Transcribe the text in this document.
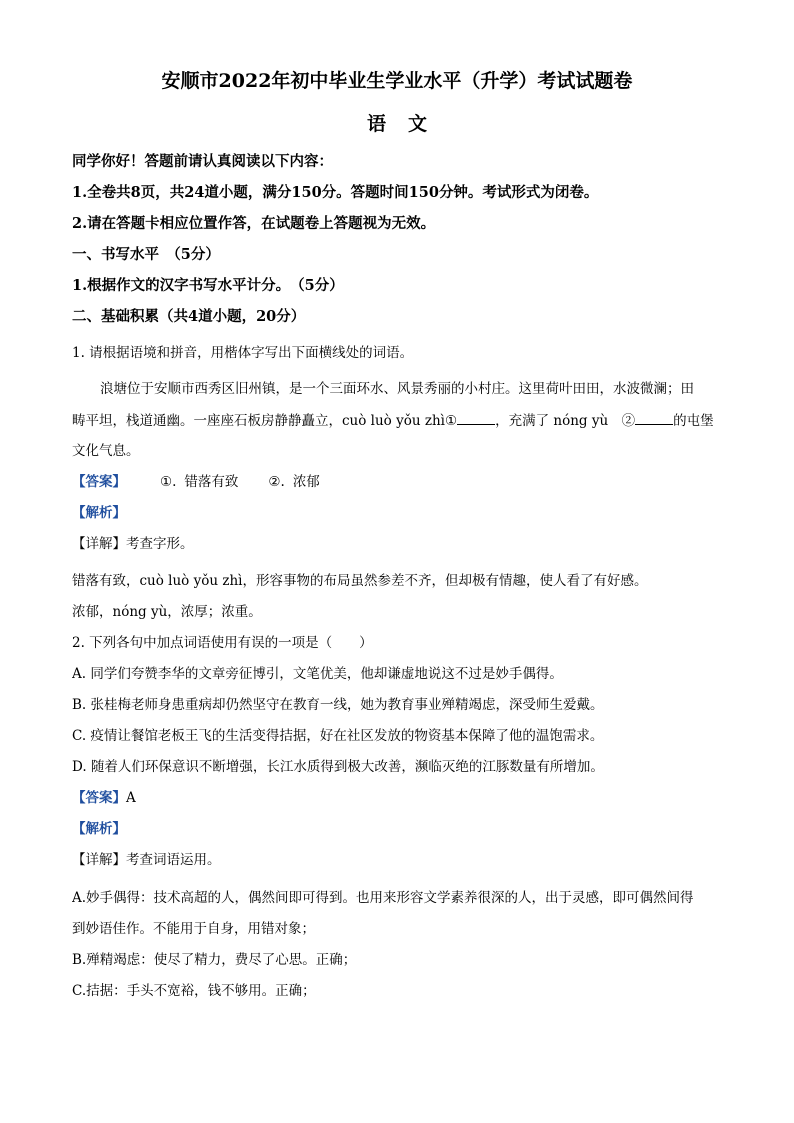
安顺市2022年初中毕业生学业水平（升学）考试试题卷
语 文
同学你好！答题前请认真阅读以下内容：
1.全卷共8页，共24道小题，满分150分。答题时间150分钟。考试形式为闭卷。
2.请在答题卡相应位置作答，在试题卷上答题视为无效。
一、书写水平　（5分）
1.根据作文的汉字书写水平计分。　（5分）
二、基础积累（共4道小题，20分）
1. 请根据语境和拼音，用楷体字写出下面横线处的词语。
浪塘位于安顺市西秀区旧州镇，是一个三面环水、风景秀丽的小村庄。这里荷叶田田，水波微澜；田
畴平坦，栈道通幽。一座座石板房静静矗立，cuò luò yǒu zhì①	，充满了 nóng yù　②	的屯堡
文化气息。
【答案】	①. 错落有致 ②. 浓郁
【解析】
【详解】考查字形。
错落有致，cuò luò yǒu zhì，形容事物的布局虽然参差不齐，但却极有情趣，使人看了有好感。
浓郁，nóng yù，浓厚；浓重。
2. 下列各句中加点词语使用有误的一项是（　　）
A. 同学们夸赞李华的文章旁征博引，文笔优美，他却谦虚地说这不过是妙手偶得。
B. 张桂梅老师身患重病却仍然坚守在教育一线，她为教育事业殚精竭虑，深受师生爱戴。
C. 疫情让餐馆老板王飞的生活变得拮据，好在社区发放的物资基本保障了他的温饱需求。
D. 随着人们环保意识不断增强，长江水质得到极大改善，濒临灭绝的江豚数量有所增加。
【答案】A
【解析】
【详解】考查词语运用。
A.妙手偶得：技术高超的人，偶然间即可得到。也用来形容文学素养很深的人，出于灵感，即可偶然间得
到妙语佳作。不能用于自身，用错对象；
B.殚精竭虑：使尽了精力，费尽了心思。正确；
C.拮据：手头不宽裕，钱不够用。正确；
